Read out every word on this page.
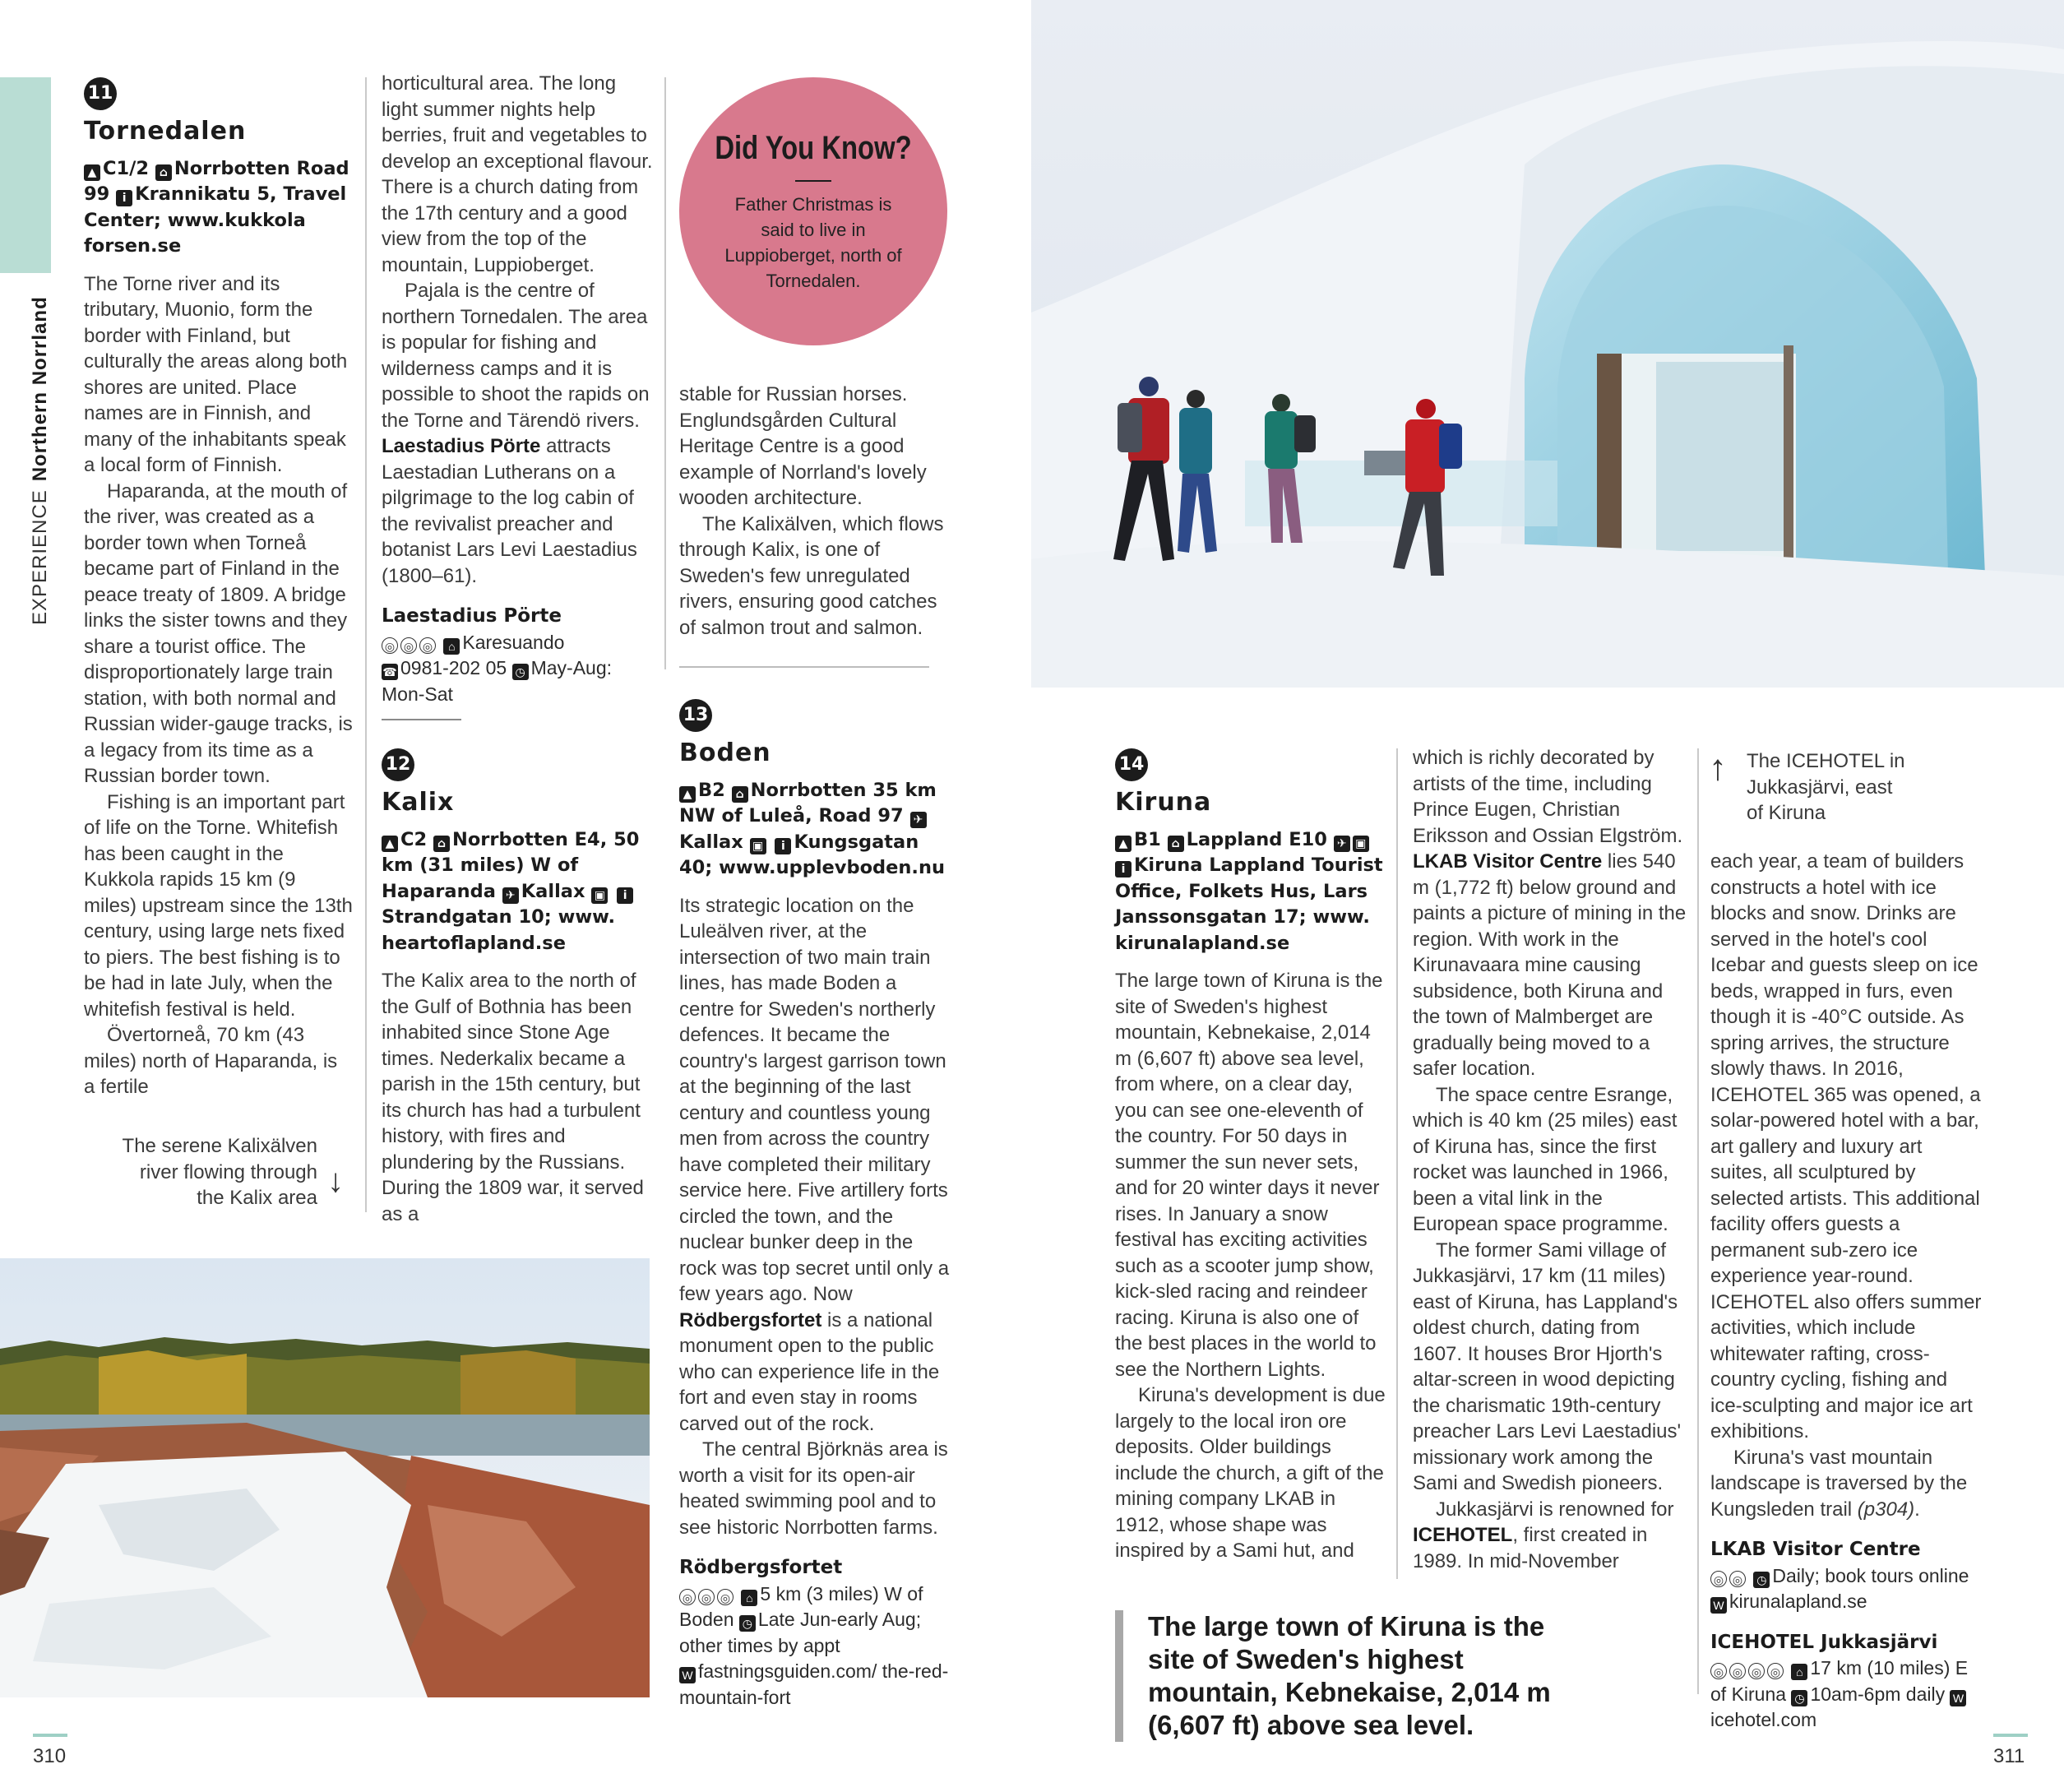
EXPERIENCENorthern Norrland
11
Tornedalen
▲ C1/2 ⌂ Norrbotten Road 99 i Krannikatu 5, Travel Center; www.kukkola forsen.se

The Torne river and its tributary, Muonio, form the border with Finland, but culturally the areas along both shores are united. Place names are in Finnish, and many of the inhabitants speak a local form of Finnish.

Haparanda, at the mouth of the river, was created as a border town when Torneå became part of Finland in the peace treaty of 1809. A bridge links the sister towns and they share a tourist office. The disproportionately large train station, with both normal and Russian wider-gauge tracks, is a legacy from its time as a Russian border town.

Fishing is an important part of life on the Torne. Whitefish has been caught in the Kukkola rapids 15 km (9 miles) upstream since the 13th century, using large nets fixed to piers. The best fishing is to be had in late July, when the whitefish festival is held.

Övertorneå, 70 km (43 miles) north of Haparanda, is a fertile

The serene Kalixälven river flowing through the Kalix area ↓

horticultural area. The long light summer nights help berries, fruit and vegetables to develop an exceptional flavour. There is a church dating from the 17th century and a good view from the top of the mountain, Luppioberget.

Pajala is the centre of northern Tornedalen. The area is popular for fishing and wilderness camps and it is possible to shoot the rapids on the Torne and Tärendö rivers. Laestadius Pörte attracts Laestadian Lutherans on a pilgrimage to the log cabin of the revivalist preacher and botanist Lars Levi Laestadius (1800–61).

Laestadius Pörte
◎ ◎ ◎ ⌂ Karesuando
☎ 0981-202 05 ◷ May-Aug: Mon-Sat
12
Kalix
▲ C2 ⌂ Norrbotten E4, 50 km (31 miles) W of Haparanda ✈ Kallax ▣ iStrandgatan 10; www. heartoflapland.se

The Kalix area to the north of the Gulf of Bothnia has been inhabited since Stone Age times. Nederkalix became a parish in the 15th century, but its church has had a turbulent history, with fires and plundering by the Russians. During the 1809 war, it served as a

Did You Know?

Father Christmas is said to live in Luppioberget, north of Tornedalen.

stable for Russian horses. Englundsgården Cultural Heritage Centre is a good example of Norrland's lovely wooden architecture.

The Kalixälven, which flows through Kalix, is one of Sweden's few unregulated rivers, ensuring good catches of salmon trout and salmon.

13
Boden
▲ B2 ⌂ Norrbotten 35 km NW of Luleå, Road 97 ✈Kallax ▣ i Kungsgatan 40; www.upplevboden.nu

Its strategic location on the Luleälven river, at the intersection of two main train lines, has made Boden a centre for Sweden's northerly defences. It became the country's largest garrison town at the beginning of the last century and countless young men from across the country have completed their military service here. Five artillery forts circled the town, and the nuclear bunker deep in the rock was top secret until only a few years ago. Now Rödbergsfortet is a national monument open to the public who can experience life in the fort and even stay in rooms carved out of the rock.

The central Björknäs area is worth a visit for its open-air heated swimming pool and to see historic Norrbotten farms.

Rödbergsfortet
◎ ◎ ◎ ⌂ 5 km (3 miles) W of Boden ◷ Late Jun-early Aug; other times by appt
W fastningsguiden.com/ the-red-mountain-fort
14
Kiruna
▲ B1 ⌂ Lappland E10 ✈ ▣ i Kiruna Lappland Tourist Office, Folkets Hus, Lars Janssonsgatan 17; www. kirunalapland.se

The large town of Kiruna is the site of Sweden's highest mountain, Kebnekaise, 2,014 m (6,607 ft) above sea level, from where, on a clear day, you can see one-eleventh of the country. For 50 days in summer the sun never sets, and for 20 winter days it never rises. In January a snow festival has exciting activities such as a scooter jump show, kick-sled racing and reindeer racing. Kiruna is also one of the best places in the world to see the Northern Lights.

Kiruna's development is due largely to the local iron ore deposits. Older buildings include the church, a gift of the mining company LKAB in 1912, whose shape was inspired by a Sami hut, and

which is richly decorated by artists of the time, including Prince Eugen, Christian Eriksson and Ossian Elgström. LKAB Visitor Centre lies 540 m (1,772 ft) below ground and paints a picture of mining in the region. With work in the Kirunavaara mine causing subsidence, both Kiruna and the town of Malmberget are gradually being moved to a safer location.

The space centre Esrange, which is 40 km (25 miles) east of Kiruna has, since the first rocket was launched in 1966, been a vital link in the European space programme.

The former Sami village of Jukkasjärvi, 17 km (11 miles) east of Kiruna, has Lappland's oldest church, dating from 1607. It houses Bror Hjorth's altar-screen in wood depicting the charismatic 19th-century preacher Lars Levi Laestadius' missionary work among the Sami and Swedish pioneers.

Jukkasjärvi is renowned for ICEHOTEL, first created in 1989. In mid-November

↑ The ICEHOTEL in Jukkasjärvi, east of Kiruna

each year, a team of builders constructs a hotel with ice blocks and snow. Drinks are served in the hotel's cool Icebar and guests sleep on ice beds, wrapped in furs, even though it is -40°C outside. As spring arrives, the structure slowly thaws. In 2016, ICEHOTEL 365 was opened, a solar-powered hotel with a bar, art gallery and luxury art suites, all sculptured by selected artists. This additional facility offers guests a permanent sub-zero ice experience year-round. ICEHOTEL also offers summer activities, which include whitewater rafting, cross-country cycling, fishing and ice-sculpting and major ice art exhibitions.

Kiruna's vast mountain landscape is traversed by the Kungsleden trail (p304).

LKAB Visitor Centre
◎ ◎ ◷ Daily; book tours online W kirunalapland.se
ICEHOTEL Jukkasjärvi
◎ ◎ ◎ ◎ ⌂ 17 km (10 miles) E of Kiruna ◷ 10am-6pm daily Wicehotel.com
The large town of Kiruna is the site of Sweden's highest mountain, Kebnekaise, 2,014 m (6,607 ft) above sea level.
310	311
